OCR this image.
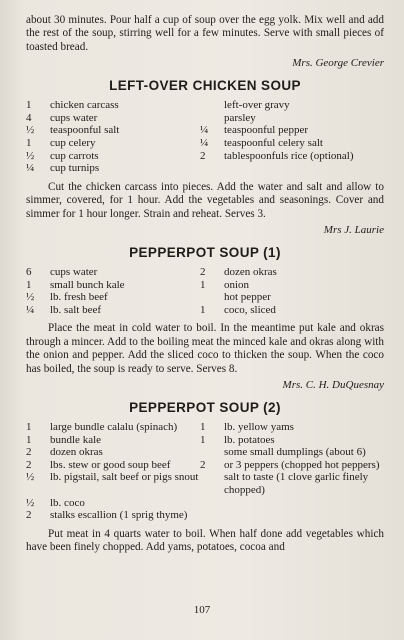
about 30 minutes. Pour half a cup of soup over the egg yolk. Mix well and add the rest of the soup, stirring well for a few minutes. Serve with small pieces of toasted bread.

Mrs. George Crevier
LEFT-OVER CHICKEN SOUP
1	chicken carcass		left-over gravy
4	cups water		parsley
½	teaspoonful salt	¼	teaspoonful pepper
1	cup celery	¼	teaspoonful celery salt
½	cup carrots	2	tablespoonfuls rice (optional)
¼	cup turnips		

Cut the chicken carcass into pieces. Add the water and salt and allow to simmer, covered, for 1 hour. Add the vegetables and seasonings. Cover and simmer for 1 hour longer. Strain and reheat. Serves 3.

Mrs J. Laurie
PEPPERPOT SOUP (1)
6	cups water	2	dozen okras
1	small bunch kale	1	onion
½	lb. fresh beef		hot pepper
¼	lb. salt beef	1	coco, sliced

Place the meat in cold water to boil. In the meantime put kale and okras through a mincer. Add to the boiling meat the minced kale and okras along with the onion and pepper. Add the sliced coco to thicken the soup. When the coco has boiled, the soup is ready to serve. Serves 8.

Mrs. C. H. DuQuesnay
PEPPERPOT SOUP (2)
1	large bundle calalu (spinach)	1	lb. yellow yams
1	bundle kale	1	lb. potatoes
2	dozen okras		some small dumplings (about 6)
2	lbs. stew or good soup beef	2	or 3 peppers (chopped hot peppers)
½	lb. pigstail, salt beef or pigs snout		salt to taste (1 clove garlic finely chopped)
½	lb. coco		
2	stalks escallion (1 sprig thyme)		

Put meat in 4 quarts water to boil. When half done add vegetables which have been finely chopped. Add yams, potatoes, cocoa and

107
